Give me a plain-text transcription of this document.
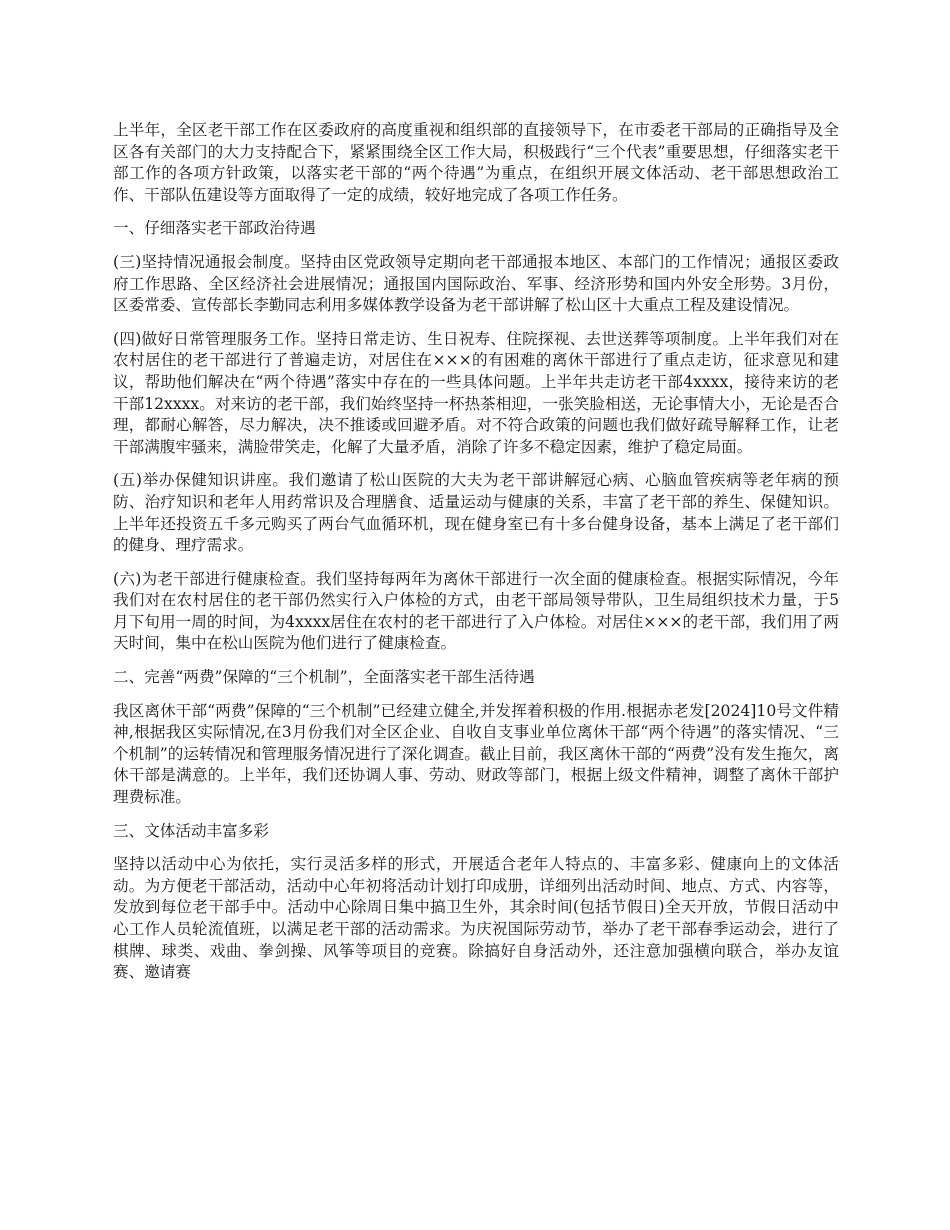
上半年，全区老干部工作在区委政府的高度重视和组织部的直接领导下，在市委老干部局的正确指导及全区各有关部门的大力支持配合下，紧紧围绕全区工作大局，积极践行“三个代表”重要思想，仔细落实老干部工作的各项方针政策，以落实老干部的“两个待遇”为重点，在组织开展文体活动、老干部思想政治工作、干部队伍建设等方面取得了一定的成绩，较好地完成了各项工作任务。

一、仔细落实老干部政治待遇

(三)坚持情况通报会制度。坚持由区党政领导定期向老干部通报本地区、本部门的工作情况；通报区委政府工作思路、全区经济社会进展情况；通报国内国际政治、军事、经济形势和国内外安全形势。3月份，区委常委、宣传部长李勤同志利用多媒体教学设备为老干部讲解了松山区十大重点工程及建设情况。

(四)做好日常管理服务工作。坚持日常走访、生日祝寿、住院探视、去世送葬等项制度。上半年我们对在农村居住的老干部进行了普遍走访，对居住在×××的有困难的离休干部进行了重点走访，征求意见和建议，帮助他们解决在“两个待遇”落实中存在的一些具体问题。上半年共走访老干部4xxxx，接待来访的老干部12xxxx。对来访的老干部，我们始终坚持一杯热茶相迎，一张笑脸相送，无论事情大小，无论是否合理，都耐心解答，尽力解决，决不推诿或回避矛盾。对不符合政策的问题也我们做好疏导解释工作，让老干部满腹牢骚来，满脸带笑走，化解了大量矛盾，消除了许多不稳定因素，维护了稳定局面。

(五)举办保健知识讲座。我们邀请了松山医院的大夫为老干部讲解冠心病、心脑血管疾病等老年病的预防、治疗知识和老年人用药常识及合理膳食、适量运动与健康的关系，丰富了老干部的养生、保健知识。上半年还投资五千多元购买了两台气血循环机，现在健身室已有十多台健身设备，基本上满足了老干部们的健身、理疗需求。

(六)为老干部进行健康检查。我们坚持每两年为离休干部进行一次全面的健康检查。根据实际情况，今年我们对在农村居住的老干部仍然实行入户体检的方式，由老干部局领导带队，卫生局组织技术力量，于5月下旬用一周的时间，为4xxxx居住在农村的老干部进行了入户体检。对居住×××的老干部，我们用了两天时间，集中在松山医院为他们进行了健康检查。

二、完善“两费”保障的“三个机制”，全面落实老干部生活待遇

我区离休干部“两费”保障的“三个机制”已经建立健全,并发挥着积极的作用.根据赤老发[2024]10号文件精神,根据我区实际情况,在3月份我们对全区企业、自收自支事业单位离休干部“两个待遇”的落实情况、“三个机制”的运转情况和管理服务情况进行了深化调查。截止目前，我区离休干部的“两费”没有发生拖欠，离休干部是满意的。上半年，我们还协调人事、劳动、财政等部门，根据上级文件精神，调整了离休干部护理费标准。

三、文体活动丰富多彩

坚持以活动中心为依托，实行灵活多样的形式，开展适合老年人特点的、丰富多彩、健康向上的文体活动。为方便老干部活动，活动中心年初将活动计划打印成册，详细列出活动时间、地点、方式、内容等，发放到每位老干部手中。活动中心除周日集中搞卫生外，其余时间(包括节假日)全天开放，节假日活动中心工作人员轮流值班，以满足老干部的活动需求。为庆祝国际劳动节，举办了老干部春季运动会，进行了棋牌、球类、戏曲、拳剑操、风筝等项目的竞赛。除搞好自身活动外，还注意加强横向联合，举办友谊赛、邀请赛
